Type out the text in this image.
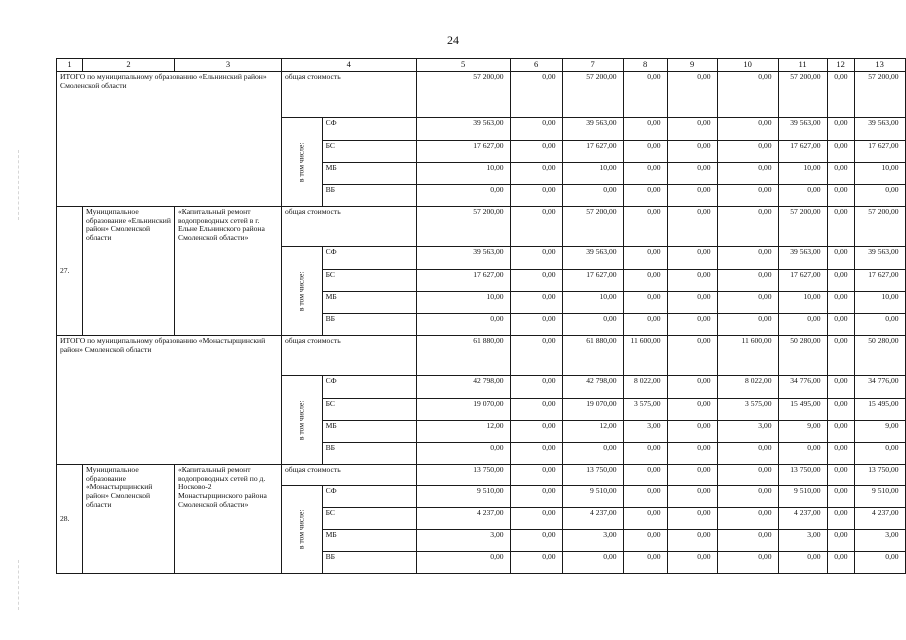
24
1	2	3	4		5	6	7	8	9	10	11	12	13
ИТОГО по муниципальному образованию «Ельнинский район» Смоленской области			общая стоимость		57 200,00	0,00	57 200,00	0,00	0,00	0,00	57 200,00	0,00	57 200,00
			в том числе:	СФ	39 563,00	0,00	39 563,00	0,00	0,00	0,00	39 563,00	0,00	39 563,00
				БС	17 627,00	0,00	17 627,00	0,00	0,00	0,00	17 627,00	0,00	17 627,00
				МБ	10,00	0,00	10,00	0,00	0,00	0,00	10,00	0,00	10,00
				ВБ	0,00	0,00	0,00	0,00	0,00	0,00	0,00	0,00	0,00
27.	Муниципальное образование «Ельнинский район» Смоленской области	«Капитальный ремонт водопроводных сетей в г. Ельне Ельнинского района Смоленской области»	общая стоимость		57 200,00	0,00	57 200,00	0,00	0,00	0,00	57 200,00	0,00	57 200,00
			в том числе:	СФ	39 563,00	0,00	39 563,00	0,00	0,00	0,00	39 563,00	0,00	39 563,00
				БС	17 627,00	0,00	17 627,00	0,00	0,00	0,00	17 627,00	0,00	17 627,00
				МБ	10,00	0,00	10,00	0,00	0,00	0,00	10,00	0,00	10,00
				ВБ	0,00	0,00	0,00	0,00	0,00	0,00	0,00	0,00	0,00
ИТОГО по муниципальному образованию «Монастырщинский район» Смоленской области			общая стоимость		61 880,00	0,00	61 880,00	11 600,00	0,00	11 600,00	50 280,00	0,00	50 280,00
			в том числе:	СФ	42 798,00	0,00	42 798,00	8 022,00	0,00	8 022,00	34 776,00	0,00	34 776,00
				БС	19 070,00	0,00	19 070,00	3 575,00	0,00	3 575,00	15 495,00	0,00	15 495,00
				МБ	12,00	0,00	12,00	3,00	0,00	3,00	9,00	0,00	9,00
				ВБ	0,00	0,00	0,00	0,00	0,00	0,00	0,00	0,00	0,00
28.	Муниципальное образование «Монастырщинский район» Смоленской области	«Капитальный ремонт водопроводных сетей по д. Носково-2 Монастырщинского района Смоленской области»	общая стоимость		13 750,00	0,00	13 750,00	0,00	0,00	0,00	13 750,00	0,00	13 750,00
			в том числе:	СФ	9 510,00	0,00	9 510,00	0,00	0,00	0,00	9 510,00	0,00	9 510,00
				БС	4 237,00	0,00	4 237,00	0,00	0,00	0,00	4 237,00	0,00	4 237,00
				МБ	3,00	0,00	3,00	0,00	0,00	0,00	3,00	0,00	3,00
				ВБ	0,00	0,00	0,00	0,00	0,00	0,00	0,00	0,00	0,00
